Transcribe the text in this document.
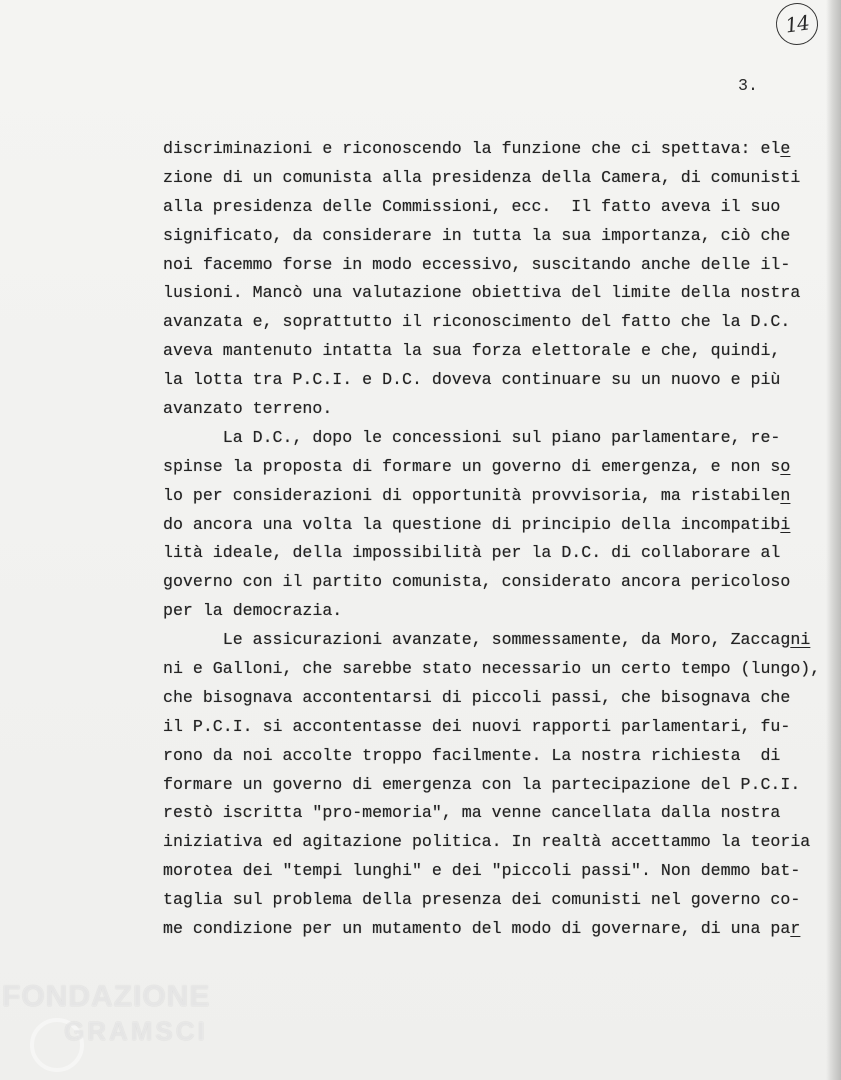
14
3.
discriminazioni e riconoscendo la funzione che ci spettava: ele
zione di un comunista alla presidenza della Camera, di comunisti
alla presidenza delle Commissioni, ecc.  Il fatto aveva il suo
significato, da considerare in tutta la sua importanza, ciò che
noi facemmo forse in modo eccessivo, suscitando anche delle il-
lusioni. Mancò una valutazione obiettiva del limite della nostra
avanzata e, soprattutto il riconoscimento del fatto che la D.C.
aveva mantenuto intatta la sua forza elettorale e che, quindi,
la lotta tra P.C.I. e D.C. doveva continuare su un nuovo e più
avanzato terreno.
La D.C., dopo le concessioni sul piano parlamentare, re-
spinse la proposta di formare un governo di emergenza, e non so
lo per considerazioni di opportunità provvisoria, ma ristabilen
do ancora una volta la questione di principio della incompatibi
lità ideale, della impossibilità per la D.C. di collaborare al
governo con il partito comunista, considerato ancora pericoloso
per la democrazia.
Le assicurazioni avanzate, sommessamente, da Moro, Zaccagni
ni e Galloni, che sarebbe stato necessario un certo tempo (lungo),
che bisognava accontentarsi di piccoli passi, che bisognava che
il P.C.I. si accontentasse dei nuovi rapporti parlamentari, fu-
rono da noi accolte troppo facilmente. La nostra richiesta  di
formare un governo di emergenza con la partecipazione del P.C.I.
restò iscritta "pro-memoria", ma venne cancellata dalla nostra
iniziativa ed agitazione politica. In realtà accettammo la teoria
morotea dei "tempi lunghi" e dei "piccoli passi". Non demmo bat-
taglia sul problema della presenza dei comunisti nel governo co-
me condizione per un mutamento del modo di governare, di una par
FONDAZIONE
GRAMSCI
